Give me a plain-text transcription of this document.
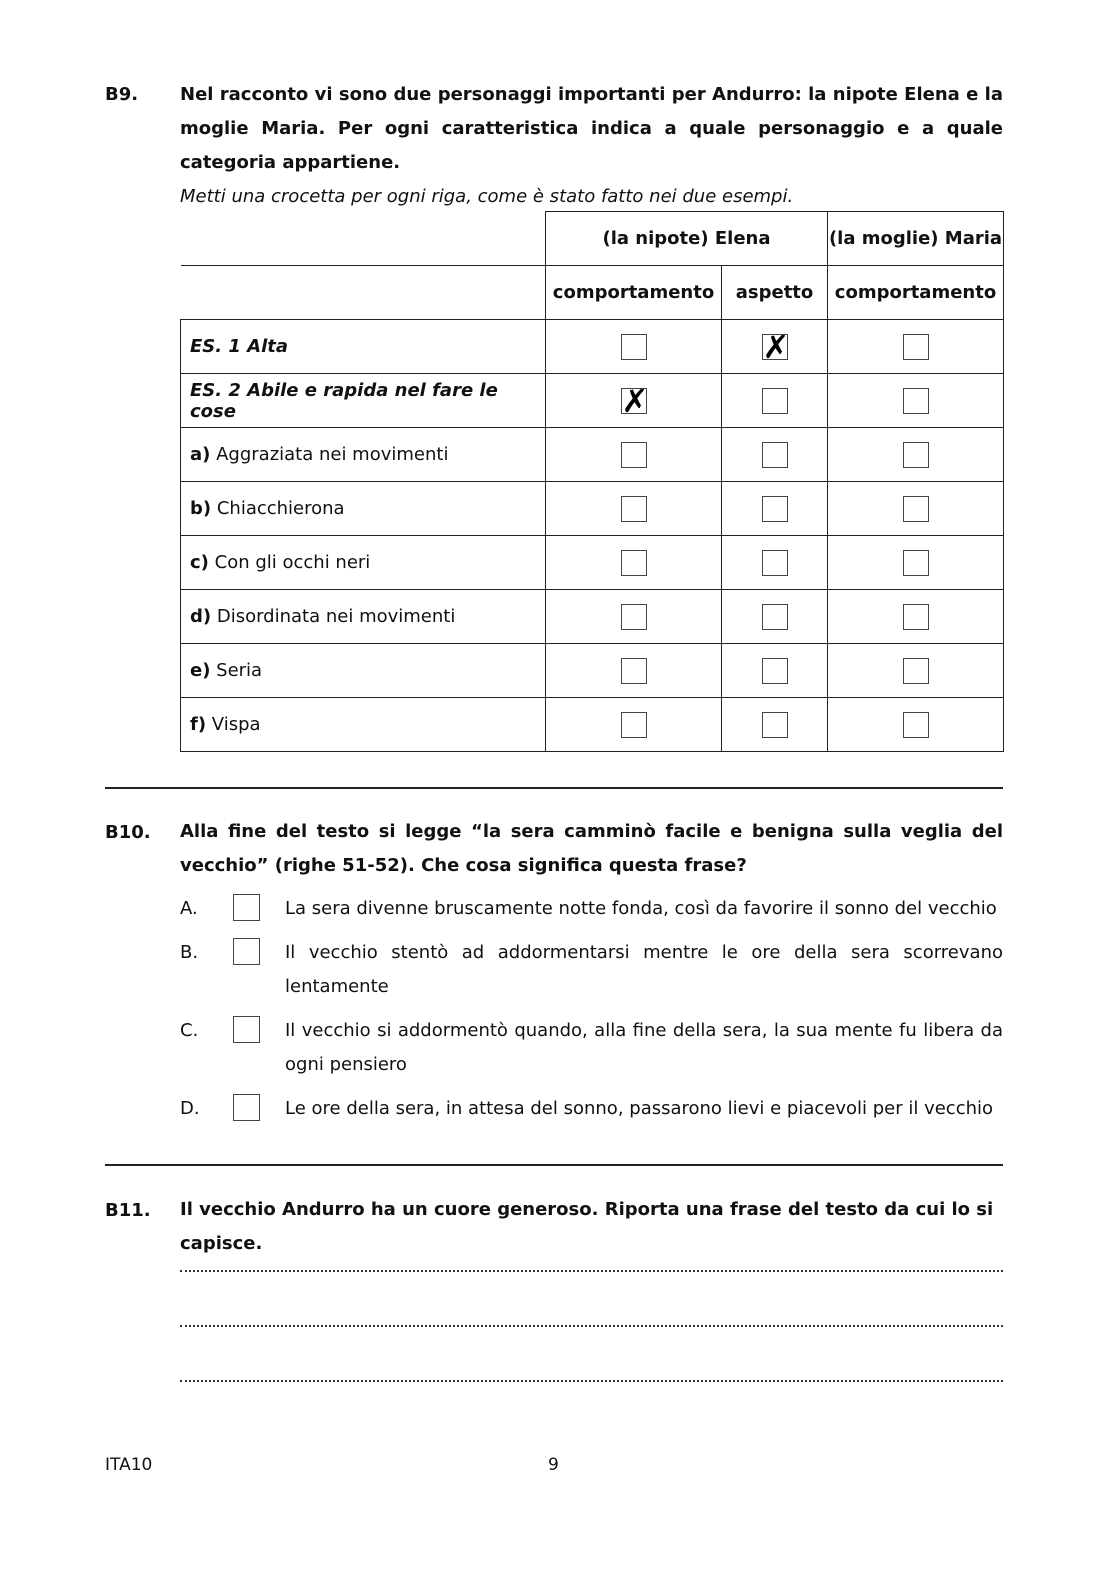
B9. Nel racconto vi sono due personaggi importanti per Andurro: la nipote Elena e la moglie Maria. Per ogni caratteristica indica a quale personaggio e a quale categoria appartiene.
Metti una crocetta per ogni riga, come è stato fatto nei due esempi.
	(la nipote) Elena		(la moglie) Maria
	comportamento	aspetto	comportamento
ES. 1 Alta		✗	

ES. 2 Abile e rapida nel fare le cose	✗		

a) Aggraziata nei movimenti			
b) Chiacchierona			
c) Con gli occhi neri			
d) Disordinata nei movimenti			
e) Seria			
f) Vispa			
B10. Alla fine del testo si legge “la sera camminò facile e benigna sulla veglia del vecchio” (righe 51-52). Che cosa significa questa frase?
A.	La sera divenne bruscamente notte fonda, così da favorire il sonno del vecchio
B.	Il vecchio stentò ad addormentarsi mentre le ore della sera scorrevano lentamente
C.	Il vecchio si addormentò quando, alla fine della sera, la sua mente fu libera da ogni pensiero
D.	Le ore della sera, in attesa del sonno, passarono lievi e piacevoli per il vecchio
B11. Il vecchio Andurro ha un cuore generoso. Riporta una frase del testo da cui lo si capisce.
ITA10	9
